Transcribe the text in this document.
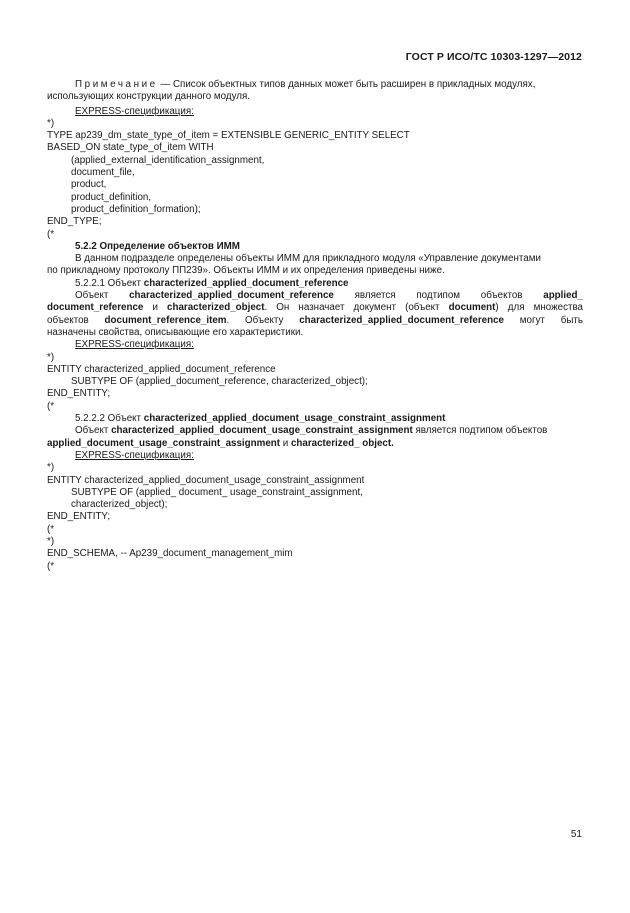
ГОСТ Р ИСО/ТС 10303-1297—2012
Примечание — Список объектных типов данных может быть расширен в прикладных модулях,
использующих конструкции данного модуля.
EXPRESS-спецификация:
*)
TYPE ap239_dm_state_type_of_item = EXTENSIBLE GENERIC_ENTITY SELECT
BASED_ON state_type_of_item WITH
(applied_external_identification_assignment,
document_file,
product,
product_definition,
product_definition_formation);
END_TYPE;
(*
5.2.2 Определение объектов ИММ
В данном подразделе определены объекты ИММ для прикладного модуля «Управление документами
по прикладному протоколу ПП239». Объекты ИММ и их определения приведены ниже.
5.2.2.1 Объект characterized_applied_document_reference
Объект characterized_applied_document_reference является подтипом объектов applied_
document_reference и characterized_object. Он назначает документ (объект document) для множества
объектов document_reference_item. Объекту characterized_applied_document_reference могут быть
назначены свойства, описывающие его характеристики.
EXPRESS-спецификация:
*)
ENTITY characterized_applied_document_reference
SUBTYPE OF (applied_document_reference, characterized_object);
END_ENTITY;
(*
5.2.2.2 Объект characterized_applied_document_usage_constraint_assignment
Объект characterized_applied_document_usage_constraint_assignment является подтипом объектов
applied_document_usage_constraint_assignment и characterized_ object.
EXPRESS-спецификация:
*)
ENTITY characterized_applied_document_usage_constraint_assignment
SUBTYPE OF (applied_ document_ usage_constraint_assignment,
characterized_object);
END_ENTITY;
(*
*)
END_SCHEMA, -- Ap239_document_management_mim
(*
51
